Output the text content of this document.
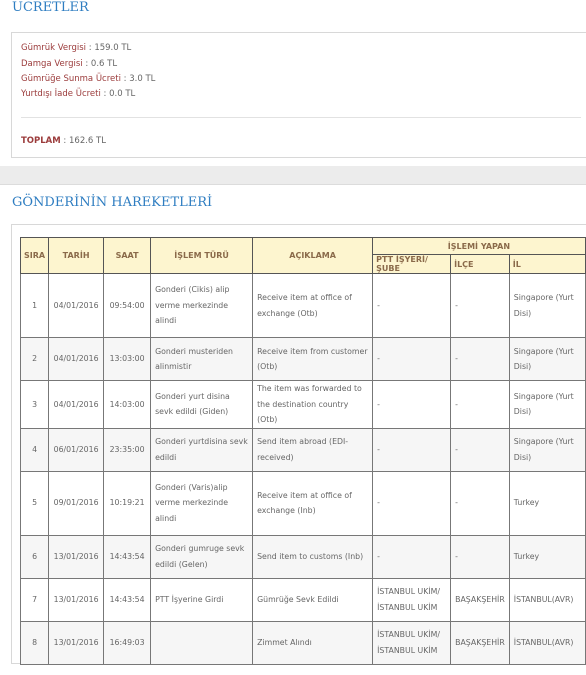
ÜCRETLER
Gümrük Vergisi : 159.0 TL
Damga Vergisi : 0.6 TL
Gümrüğe Sunma Ücreti : 3.0 TL
Yurtdışı İade Ücreti : 0.0 TL
TOPLAM : 162.6 TL
GÖNDERİNİN HAREKETLERİ
SIRA	TARİH	SAAT	İŞLEM TÜRÜ	AÇIKLAMA	İŞLEMİ YAPAN		
					PTT İŞYERİ/ŞUBE	İLÇE	İL
1	04/01/2016	09:54:00	Gonderi (Cikis) alip verme merkezinde alindi	Receive item at office of exchange (Otb)	-	-	Singapore (Yurt Disi)
2	04/01/2016	13:03:00	Gonderi musteriden alinmistir	Receive item from customer (Otb)	-	-	Singapore (Yurt Disi)
3	04/01/2016	14:03:00	Gonderi yurt disina sevk edildi (Giden)	The item was forwarded to the destination country (Otb)	-	-	Singapore (Yurt Disi)
4	06/01/2016	23:35:00	Gonderi yurtdisina sevk edildi	Send item abroad (EDI-received)	-	-	Singapore (Yurt Disi)
5	09/01/2016	10:19:21	Gonderi (Varis)alip verme merkezinde alindi	Receive item at office of exchange (Inb)	-	-	Turkey
6	13/01/2016	14:43:54	Gonderi gumruge sevk edildi (Gelen)	Send item to customs (Inb)	-	-	Turkey
7	13/01/2016	14:43:54	PTT İşyerine Girdi	Gümrüğe Sevk Edildi	İSTANBUL UKİM/ İSTANBUL UKİM	BAŞAKŞEHİR	İSTANBUL(AVR)
8	13/01/2016	16:49:03		Zimmet Alındı	İSTANBUL UKİM/ İSTANBUL UKİM	BAŞAKŞEHİR	İSTANBUL(AVR)
